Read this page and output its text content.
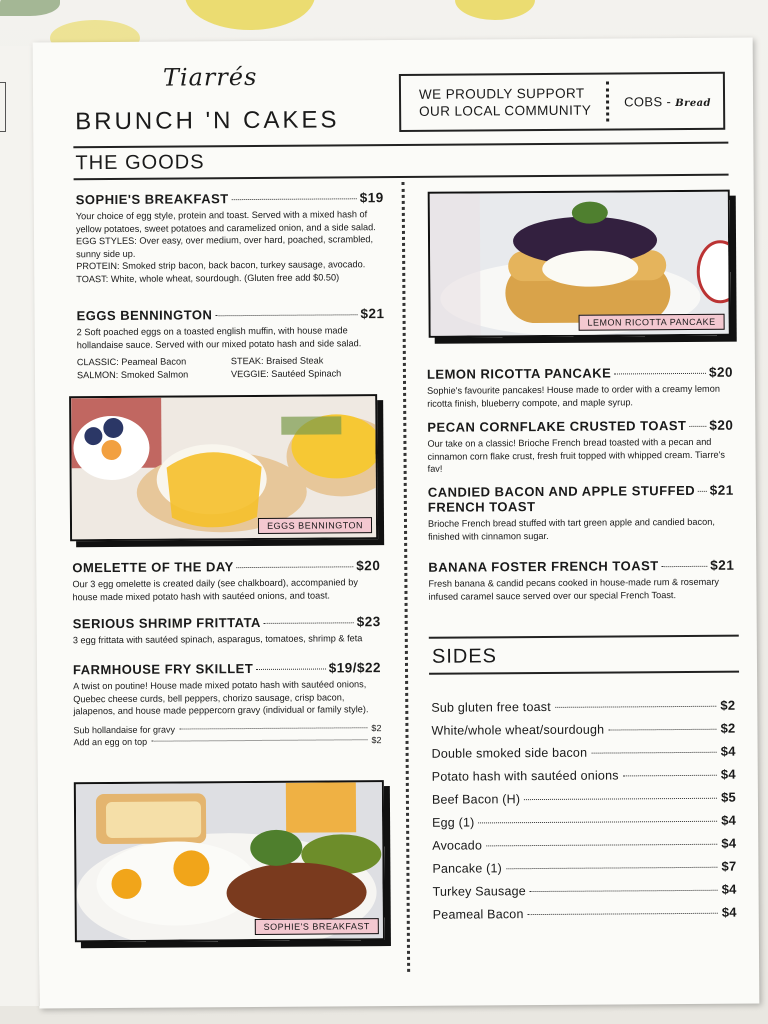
Tiarrés
BRUNCH 'N CAKES
WE PROUDLY SUPPORT OUR LOCAL COMMUNITY
COBS - Bread
THE GOODS
EGGS BENNINGTON
SOPHIE'S BREAKFAST
LEMON RICOTTA PANCAKE
SIDES
Sub gluten free toast	$2
White/whole wheat/sourdough	$2
Double smoked side bacon	$4
Potato hash with sautéed onions	$4
Beef Bacon (H)	$5
Egg (1)	$4
Avocado	$4
Pancake (1)	$7
Turkey Sausage	$4
Peameal Bacon	$4
SOPHIE'S BREAKFAST	$19

Your choice of egg style, protein and toast. Served with a mixed hash of yellow potatoes, sweet potatoes and caramelized onion, and a side salad.

EGG STYLES: Over easy, over medium, over hard, poached, scrambled, sunny side up.

PROTEIN: Smoked strip bacon, back bacon, turkey sausage, avocado.

TOAST: White, whole wheat, sourdough. (Gluten free add $0.50)

EGGS BENNINGTON	$21

2 Soft poached eggs on a toasted english muffin, with house made hollandaise sauce. Served with our mixed potato hash and side salad.

CLASSIC: Peameal Bacon	STEAK: Braised Steak
SALMON: Smoked Salmon	VEGGIE: Sautéed Spinach
OMELETTE OF THE DAY	$20

Our 3 egg omelette is created daily (see chalkboard), accompanied by house made mixed potato hash with sautéed onions, and toast.

SERIOUS SHRIMP FRITTATA	$23

3 egg frittata with sautéed spinach, asparagus, tomatoes, shrimp & feta

FARMHOUSE FRY SKILLET	$19/$22

A twist on poutine! House made mixed potato hash with sautéed onions, Quebec cheese curds, bell peppers, chorizo sausage, crisp bacon, jalapenos, and house made peppercorn gravy (individual or family style).

Sub hollandaise for gravy	$2
Add an egg on top	$2
LEMON RICOTTA PANCAKE	$20

Sophie's favourite pancakes! House made to order with a creamy lemon ricotta finish, blueberry compote, and maple syrup.

PECAN CORNFLAKE CRUSTED TOAST $20

Our take on a classic! Brioche French bread toasted with a pecan and cinnamon corn flake crust, fresh fruit topped with whipped cream. Tiarre's fav!

CANDIED BACON AND APPLE STUFFED $21
FRENCH TOAST

Brioche French bread stuffed with tart green apple and candied bacon, finished with cinnamon sugar.

BANANA FOSTER FRENCH TOAST	$21

Fresh banana & candid pecans cooked in house-made rum & rosemary infused caramel sauce served over our special French Toast.
